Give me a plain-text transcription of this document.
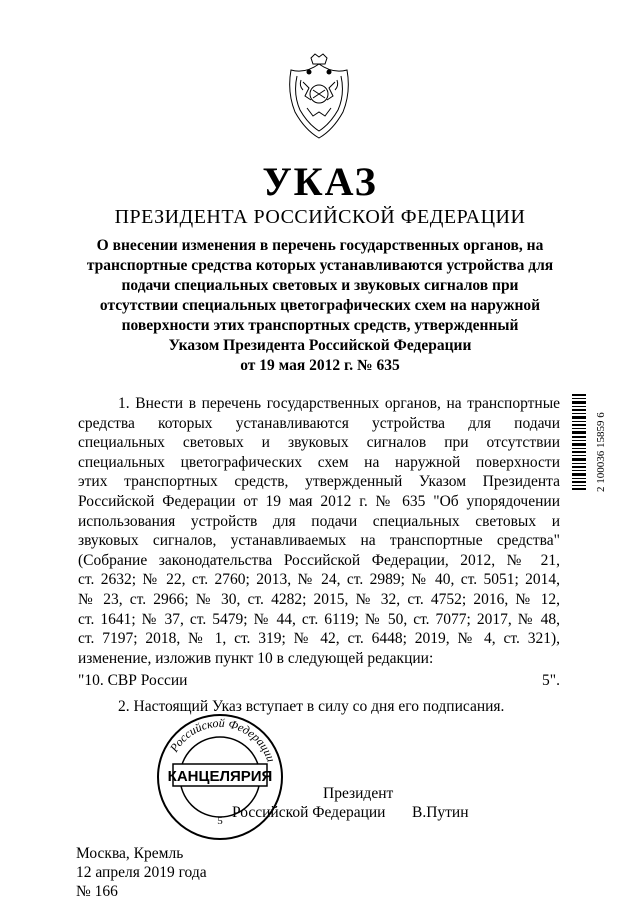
УКАЗ
ПРЕЗИДЕНТА РОССИЙСКОЙ ФЕДЕРАЦИИ
О внесении изменения в перечень государственных органов, на
транспортные средства которых устанавливаются устройства для
подачи специальных световых и звуковых сигналов при
отсутствии специальных цветографических схем на наружной
поверхности этих транспортных средств, утвержденный
Указом Президента Российской Федерации
от 19 мая 2012 г. № 635
1. Внести в перечень государственных органов, на транспортные
средства которых устанавливаются устройства для подачи
специальных световых и звуковых сигналов при отсутствии
специальных цветографических схем на наружной поверхности
этих транспортных средств, утвержденный Указом Президента
Российской Федерации от 19 мая 2012 г. № 635 "Об упорядочении
использования устройств для подачи специальных световых и
звуковых сигналов, устанавливаемых на транспортные средства"
(Собрание законодательства Российской Федерации, 2012, № 21,
ст. 2632; № 22, ст. 2760; 2013, № 24, ст. 2989; № 40, ст. 5051; 2014,
№ 23, ст. 2966; № 30, ст. 4282; 2015, № 32, ст. 4752; 2016, № 12,
ст. 1641; № 37, ст. 5479; № 44, ст. 6119; № 50, ст. 7077; 2017, № 48,
ст. 7197; 2018, № 1, ст. 319; № 42, ст. 6448; 2019, № 4, ст. 321),
изменение, изложив пункт 10 в следующей редакции:
"10. СВР России	5".
2. Настоящий Указ вступает в силу со дня его подписания.
Российской Федерации
КАНЦЕЛЯРИЯ
5
Президент
Российской Федерации В.Путин
Москва, Кремль
12 апреля 2019 года
№ 166
2 100036 15859 6
